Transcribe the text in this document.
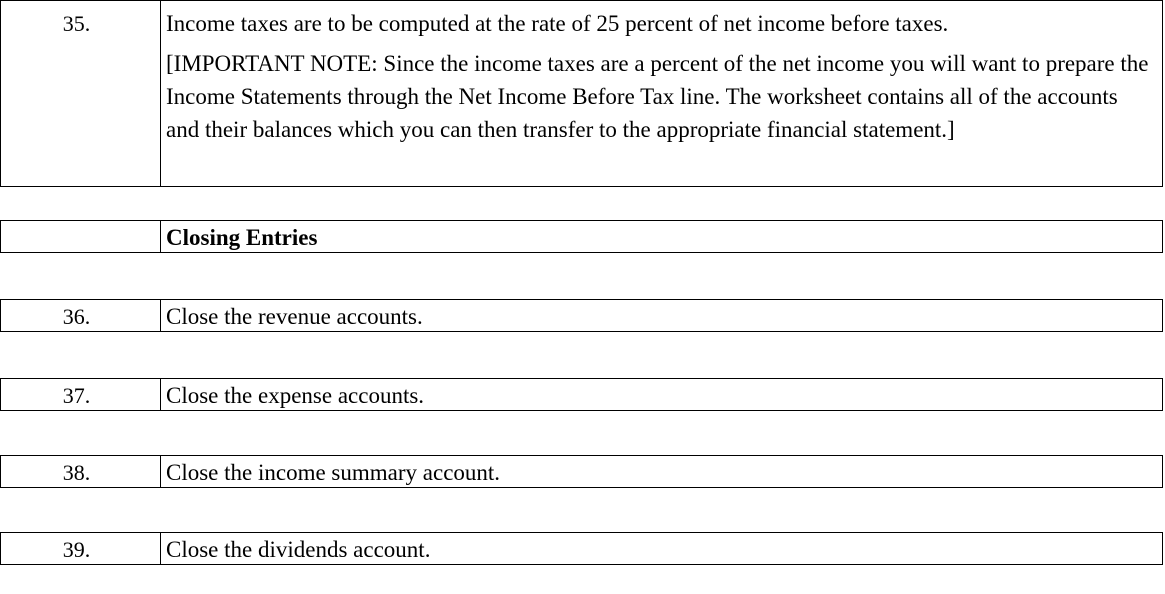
35.	Income taxes are to be computed at the rate of 25 percent of net income before taxes.
[IMPORTANT NOTE: Since the income taxes are a percent of the net income you will want to prepare the Income Statements through the Net Income Before Tax line. The worksheet contains all of the accounts and their balances which you can then transfer to the appropriate financial statement.]
Closing Entries
36.	Close the revenue accounts.
37.	Close the expense accounts.
38.	Close the income summary account.
39.	Close the dividends account.
